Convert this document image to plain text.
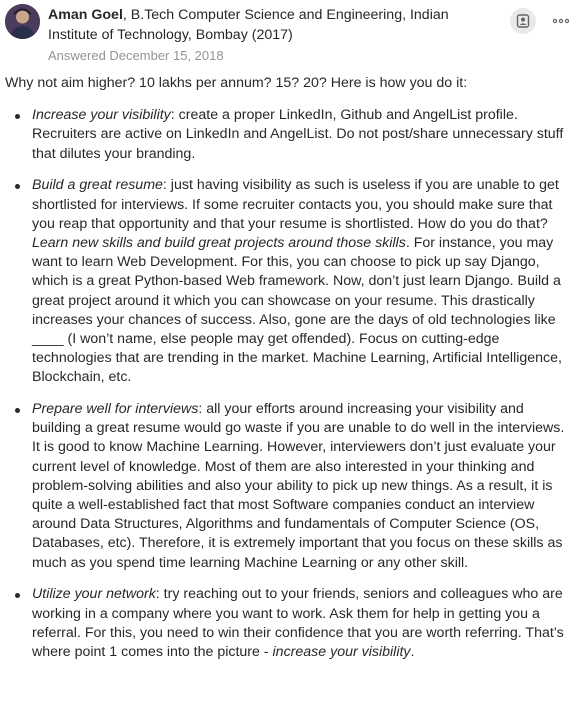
Aman Goel, B.Tech Computer Science and Engineering, Indian Institute of Technology, Bombay (2017)
Answered December 15, 2018

Why not aim higher? 10 lakhs per annum? 15? 20? Here is how you do it:

Increase your visibility: create a proper LinkedIn, Github and AngelList profile. Recruiters are active on LinkedIn and AngelList. Do not post/share unnecessary stuff that dilutes your branding.
Build a great resume: just having visibility as such is useless if you are unable to get shortlisted for interviews. If some recruiter contacts you, you should make sure that you reap that opportunity and that your resume is shortlisted. How do you do that? Learn new skills and build great projects around those skills. For instance, you may want to learn Web Development. For this, you can choose to pick up say Django, which is a great Python-based Web framework. Now, don’t just learn Django. Build a great project around it which you can showcase on your resume. This drastically increases your chances of success. Also, gone are the days of old technologies like ____ (I won’t name, else people may get offended). Focus on cutting-edge technologies that are trending in the market. Machine Learning, Artificial Intelligence, Blockchain, etc.
Prepare well for interviews: all your efforts around increasing your visibility and building a great resume would go waste if you are unable to do well in the interviews. It is good to know Machine Learning. However, interviewers don’t just evaluate your current level of knowledge. Most of them are also interested in your thinking and problem-solving abilities and also your ability to pick up new things. As a result, it is quite a well-established fact that most Software companies conduct an interview around Data Structures, Algorithms and fundamentals of Computer Science (OS, Databases, etc). Therefore, it is extremely important that you focus on these skills as much as you spend time learning Machine Learning or any other skill.
Utilize your network: try reaching out to your friends, seniors and colleagues who are working in a company where you want to work. Ask them for help in getting you a referral. For this, you need to win their confidence that you are worth referring. That’s where point 1 comes into the picture - increase your visibility.
